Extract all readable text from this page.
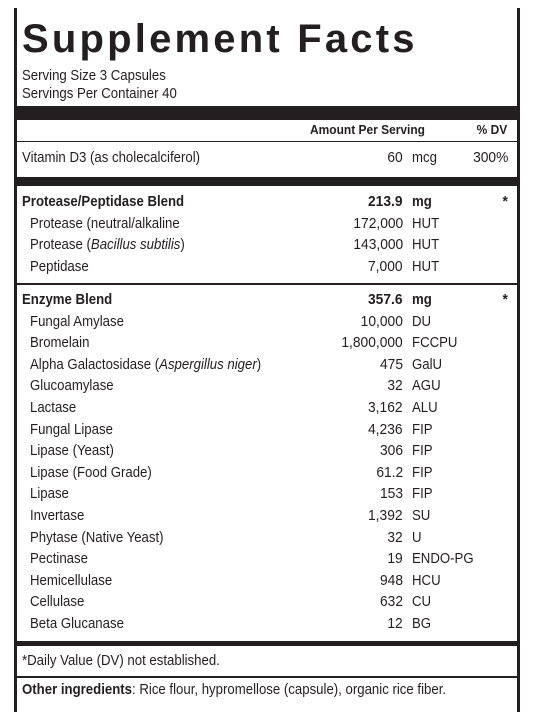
Supplement Facts
Serving Size 3 Capsules
Servings Per Container 40
Amount Per Serving	% DV
Vitamin D3 (as cholecalciferol)	60 mcg 300%
Protease/Peptidase Blend	213.9 mg	*
Protease (neutral/alkaline	172,000 HUT
Protease (Bacillus subtilis)	143,000 HUT
Peptidase	7,000 HUT
Enzyme Blend	357.6 mg	*
Fungal Amylase	10,000 DU
Bromelain	1,800,000 FCCPU
Alpha Galactosidase (Aspergillus niger)	475 GalU
Glucoamylase	32 AGU
Lactase	3,162 ALU
Fungal Lipase	4,236 FIP
Lipase (Yeast)	306 FIP
Lipase (Food Grade)	61.2 FIP
Lipase	153 FIP
Invertase	1,392 SU
Phytase (Native Yeast)	32 U
Pectinase	19 ENDO-PG
Hemicellulase	948 HCU
Cellulase	632 CU
Beta Glucanase	12 BG
*Daily Value (DV) not established.
Other ingredients: Rice flour, hypromellose (capsule), organic rice fiber.
